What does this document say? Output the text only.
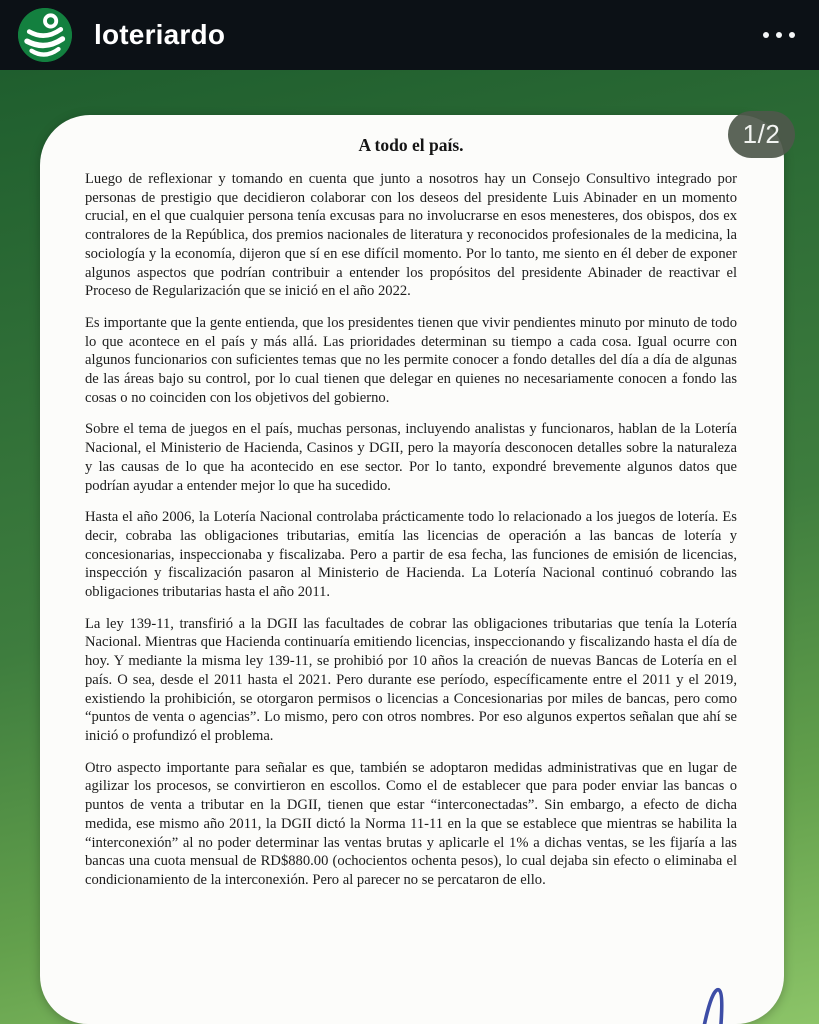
loteriardo
A todo el país.

Luego de reflexionar y tomando en cuenta que junto a nosotros hay un Consejo Consultivo integrado por personas de prestigio que decidieron colaborar con los deseos del presidente Luis Abinader en un momento crucial, en el que cualquier persona tenía excusas para no involucrarse en esos menesteres, dos obispos, dos ex contralores de la República, dos premios nacionales de literatura y reconocidos profesionales de la medicina, la sociología y la economía, dijeron que sí en ese difícil momento. Por lo tanto, me siento en él deber de exponer algunos aspectos que podrían contribuir a entender los propósitos del presidente Abinader de reactivar el Proceso de Regularización que se inició en el año 2022.

Es importante que la gente entienda, que los presidentes tienen que vivir pendientes minuto por minuto de todo lo que acontece en el país y más allá. Las prioridades determinan su tiempo a cada cosa. Igual ocurre con algunos funcionarios con suficientes temas que no les permite conocer a fondo detalles del día a día de algunas de las áreas bajo su control, por lo cual tienen que delegar en quienes no necesariamente conocen a fondo las cosas o no coinciden con los objetivos del gobierno.

Sobre el tema de juegos en el país, muchas personas, incluyendo analistas y funcionaros, hablan de la Lotería Nacional, el Ministerio de Hacienda, Casinos y DGII, pero la mayoría desconocen detalles sobre la naturaleza y las causas de lo que ha acontecido en ese sector. Por lo tanto, expondré brevemente algunos datos que podrían ayudar a entender mejor lo que ha sucedido.

Hasta el año 2006, la Lotería Nacional controlaba prácticamente todo lo relacionado a los juegos de lotería. Es decir, cobraba las obligaciones tributarias, emitía las licencias de operación a las bancas de lotería y concesionarias, inspeccionaba y fiscalizaba. Pero a partir de esa fecha, las funciones de emisión de licencias, inspección y fiscalización pasaron al Ministerio de Hacienda. La Lotería Nacional continuó cobrando las obligaciones tributarias hasta el año 2011.

La ley 139-11, transfirió a la DGII las facultades de cobrar las obligaciones tributarias que tenía la Lotería Nacional. Mientras que Hacienda continuaría emitiendo licencias, inspeccionando y fiscalizando hasta el día de hoy. Y mediante la misma ley 139-11, se prohibió por 10 años la creación de nuevas Bancas de Lotería en el país. O sea, desde el 2011 hasta el 2021. Pero durante ese período, específicamente entre el 2011 y el 2019, existiendo la prohibición, se otorgaron permisos o licencias a Concesionarias por miles de bancas, pero como “puntos de venta o agencias”. Lo mismo, pero con otros nombres. Por eso algunos expertos señalan que ahí se inició o profundizó el problema.

Otro aspecto importante para señalar es que, también se adoptaron medidas administrativas que en lugar de agilizar los procesos, se convirtieron en escollos. Como el de establecer que para poder enviar las bancas o puntos de venta a tributar en la DGII, tienen que estar “interconectadas”. Sin embargo, a efecto de dicha medida, ese mismo año 2011, la DGII dictó la Norma 11-11 en la que se establece que mientras se habilita la “interconexión” al no poder determinar las ventas brutas y aplicarle el 1% a dichas ventas, se les fijaría a las bancas una cuota mensual de RD$880.00 (ochocientos ochenta pesos), lo cual dejaba sin efecto o eliminaba el condicionamiento de la interconexión. Pero al parecer no se percataron de ello.

1/2
